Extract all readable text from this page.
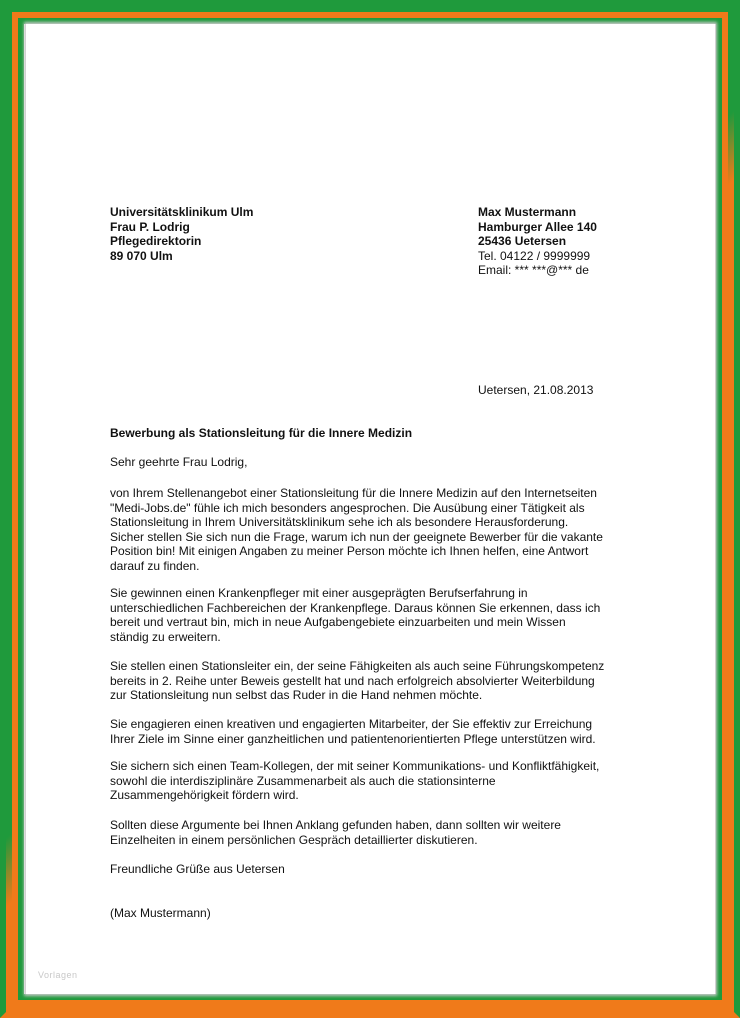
Universitätsklinikum Ulm
Frau P. Lodrig
Pflegedirektorin
89 070 Ulm
Max Mustermann
Hamburger Allee 140
25436 Uetersen
Tel. 04122 / 9999999
Email: *** ***@*** de
Uetersen, 21.08.2013
Bewerbung als Stationsleitung für die Innere Medizin
Sehr geehrte Frau Lodrig,
von Ihrem Stellenangebot einer Stationsleitung für die Innere Medizin auf den Internetseiten
"Medi-Jobs.de" fühle ich mich besonders angesprochen. Die Ausübung einer Tätigkeit als
Stationsleitung in Ihrem Universitätsklinikum sehe ich als besondere Herausforderung.
Sicher stellen Sie sich nun die Frage, warum ich nun der geeignete Bewerber für die vakante
Position bin! Mit einigen Angaben zu meiner Person möchte ich Ihnen helfen, eine Antwort
darauf zu finden.
Sie gewinnen einen Krankenpfleger mit einer ausgeprägten Berufserfahrung in
unterschiedlichen Fachbereichen der Krankenpflege. Daraus können Sie erkennen, dass ich
bereit und vertraut bin, mich in neue Aufgabengebiete einzuarbeiten und mein Wissen
ständig zu erweitern.
Sie stellen einen Stationsleiter ein, der seine Fähigkeiten als auch seine Führungskompetenz
bereits in 2. Reihe unter Beweis gestellt hat und nach erfolgreich absolvierter Weiterbildung
zur Stationsleitung nun selbst das Ruder in die Hand nehmen möchte.
Sie engagieren einen kreativen und engagierten Mitarbeiter, der Sie effektiv zur Erreichung
Ihrer Ziele im Sinne einer ganzheitlichen und patientenorientierten Pflege unterstützen wird.
Sie sichern sich einen Team-Kollegen, der mit seiner Kommunikations- und Konfliktfähigkeit,
sowohl die interdisziplinäre Zusammenarbeit als auch die stationsinterne
Zusammengehörigkeit fördern wird.
Sollten diese Argumente bei Ihnen Anklang gefunden haben, dann sollten wir weitere
Einzelheiten in einem persönlichen Gespräch detaillierter diskutieren.
Freundliche Grüße aus Uetersen
(Max Mustermann)
Vorlagen
